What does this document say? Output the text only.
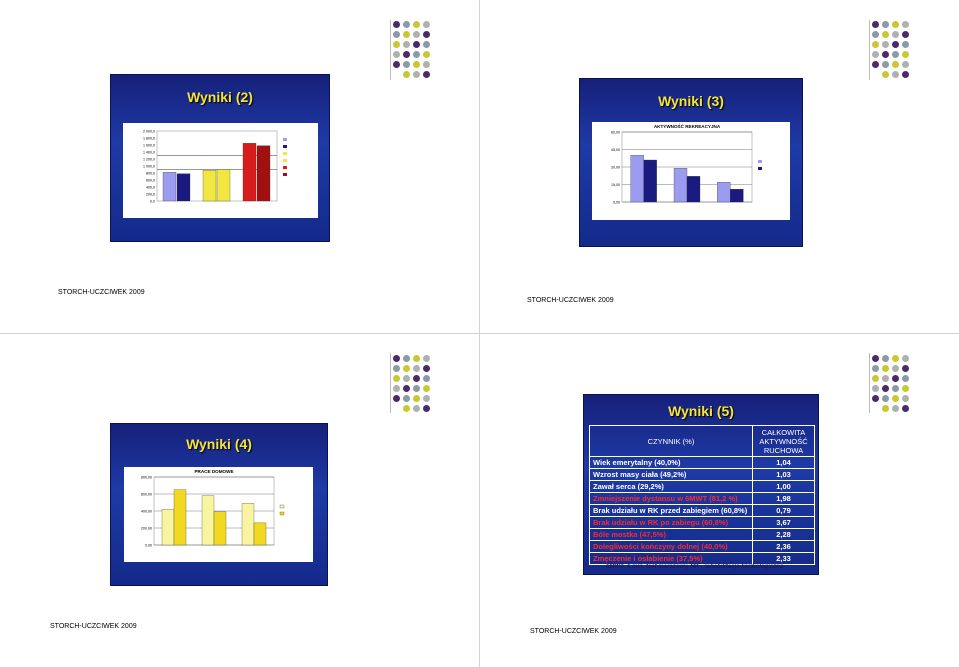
Wyniki (2)
2 000,0
1 800,0
1 600,0
1 400,0
1 200,0
1 000,0
800,0
600,0
400,0
200,0
0,0
Wyniki (3)
60,00
45,00
30,00
15,00
0,00
AKTYWNOŚĆ REKREACYJNA
Wyniki (4)
800,00
600,00
400,00
200,00
0,00
PRACE DOMOWE
Wyniki (5)
CZYNNIK (%)	CAŁKOWITA AKTYWNOŚĆ RUCHOWA
Wiek emerytalny (40,0%)	1,04
Wzrost masy ciała (49,2%)	1,03
Zawał serca (29,2%)	1,00
Zmniejszenie dystansu w 6MWT (81,2 %)	1,98
Brak udziału w RK przed zabiegiem (60,8%)	0,79
Brak udziału w RK po zabiegu (60,8%)	3,67
Bóle mostka (47,5%)	2,28
Dolegliwości kończyny dolnej (40,0%)	2,36
Zmęczenie i osłabienie (37,5%)	2,33
6MWT- 6 min. test marszowy, RK - rehabilitacja kardiologiczna
STORCH-UCZCIWEK 2009
STORCH-UCZCIWEK 2009
STORCH-UCZCIWEK 2009
STORCH-UCZCIWEK 2009
